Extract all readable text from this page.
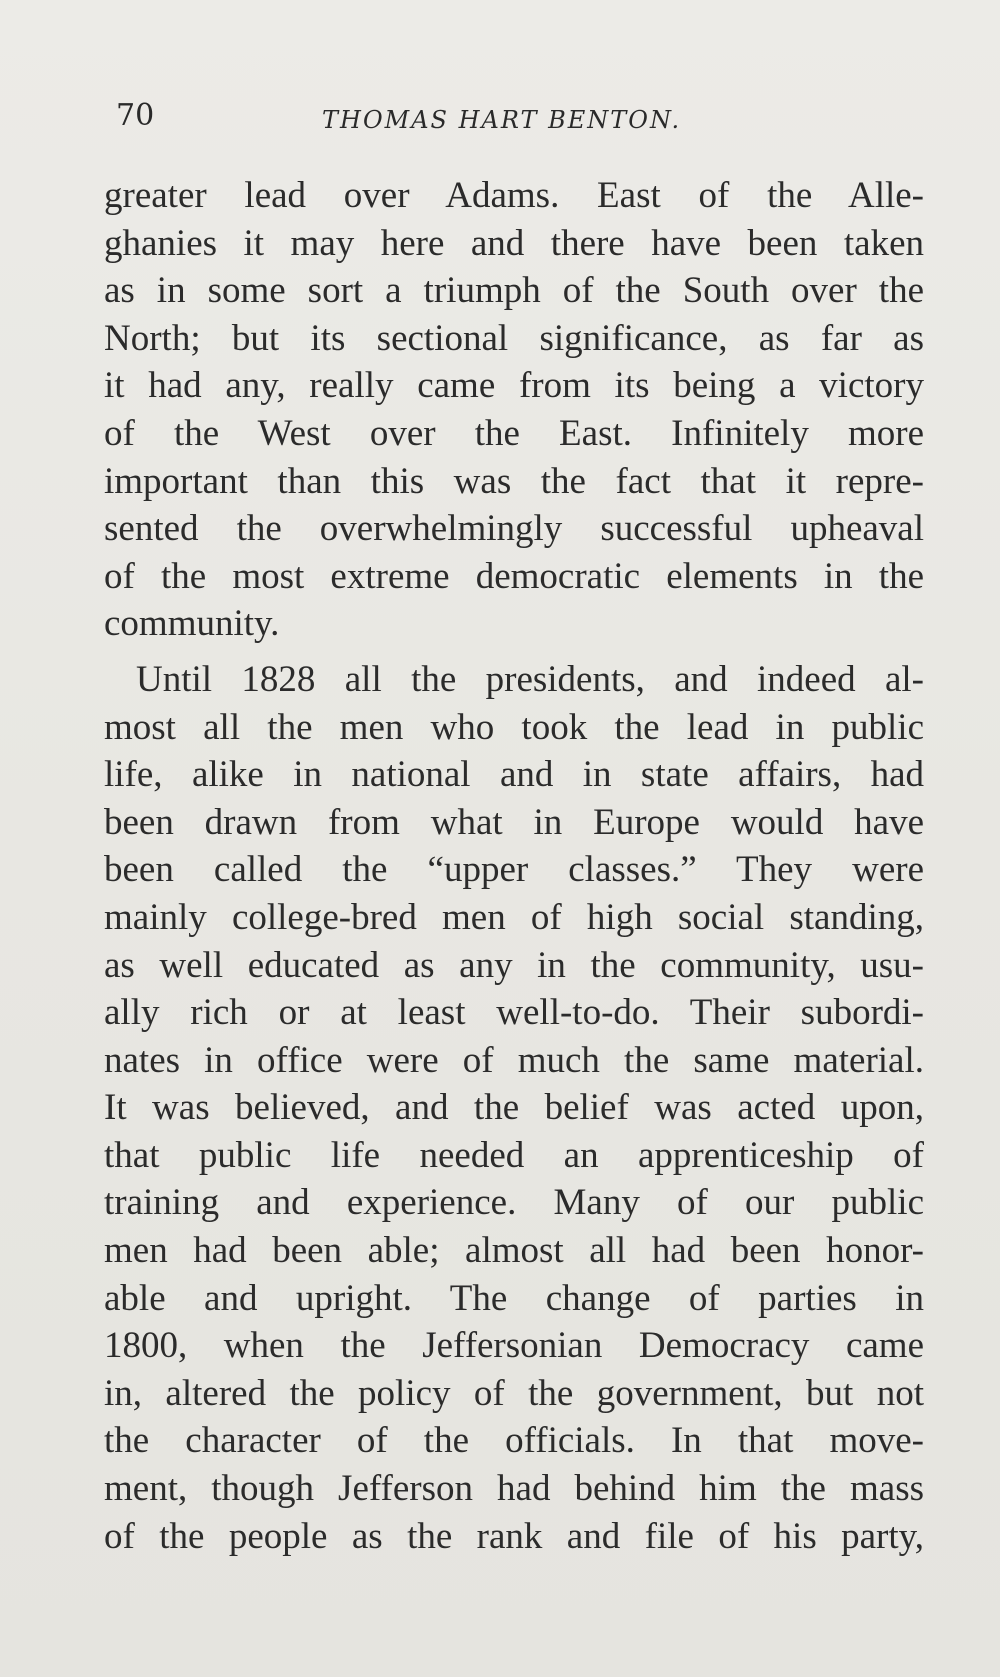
70	THOMAS HART BENTON.
greater lead over Adams. East of the Alle-
ghanies it may here and there have been taken
as in some sort a triumph of the South over the
North; but its sectional significance, as far as
it had any, really came from its being a victory
of the West over the East. Infinitely more
important than this was the fact that it repre-
sented the overwhelmingly successful upheaval
of the most extreme democratic elements in the
community.
Until 1828 all the presidents, and indeed al-
most all the men who took the lead in public
life, alike in national and in state affairs, had
been drawn from what in Europe would have
been called the “upper classes.” They were
mainly college-bred men of high social standing,
as well educated as any in the community, usu-
ally rich or at least well-to-do. Their subordi-
nates in office were of much the same material.
It was believed, and the belief was acted upon,
that public life needed an apprenticeship of
training and experience. Many of our public
men had been able; almost all had been honor-
able and upright. The change of parties in
1800, when the Jeffersonian Democracy came
in, altered the policy of the government, but not
the character of the officials. In that move-
ment, though Jefferson had behind him the mass
of the people as the rank and file of his party,
